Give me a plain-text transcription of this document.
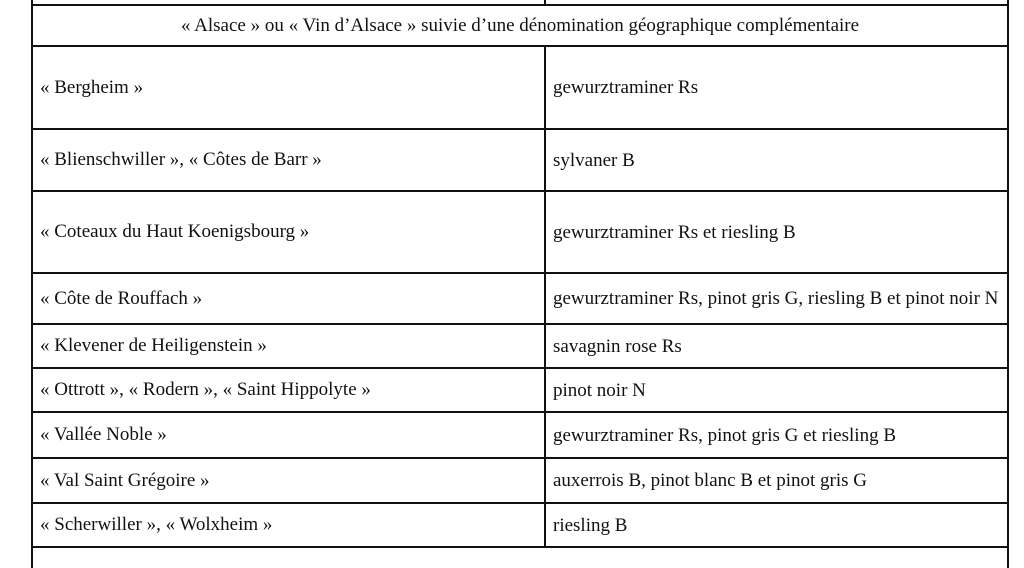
« Alsace » ou « Vin d’Alsace » suivie d’une dénomination géographique complémentaire
« Bergheim »	gewurztraminer Rs
« Blienschwiller », « Côtes de Barr »	sylvaner B
« Coteaux du Haut Koenigsbourg »	gewurztraminer Rs et riesling B
« Côte de Rouffach »	gewurztraminer Rs, pinot gris G, riesling B et pinot noir N
« Klevener de Heiligenstein »	savagnin rose Rs
« Ottrott », « Rodern », « Saint Hippolyte »	pinot noir N
« Vallée Noble »	gewurztraminer Rs, pinot gris G et riesling B
« Val Saint Grégoire »	auxerrois B, pinot blanc B et pinot gris G
« Scherwiller », « Wolxheim »	riesling B
